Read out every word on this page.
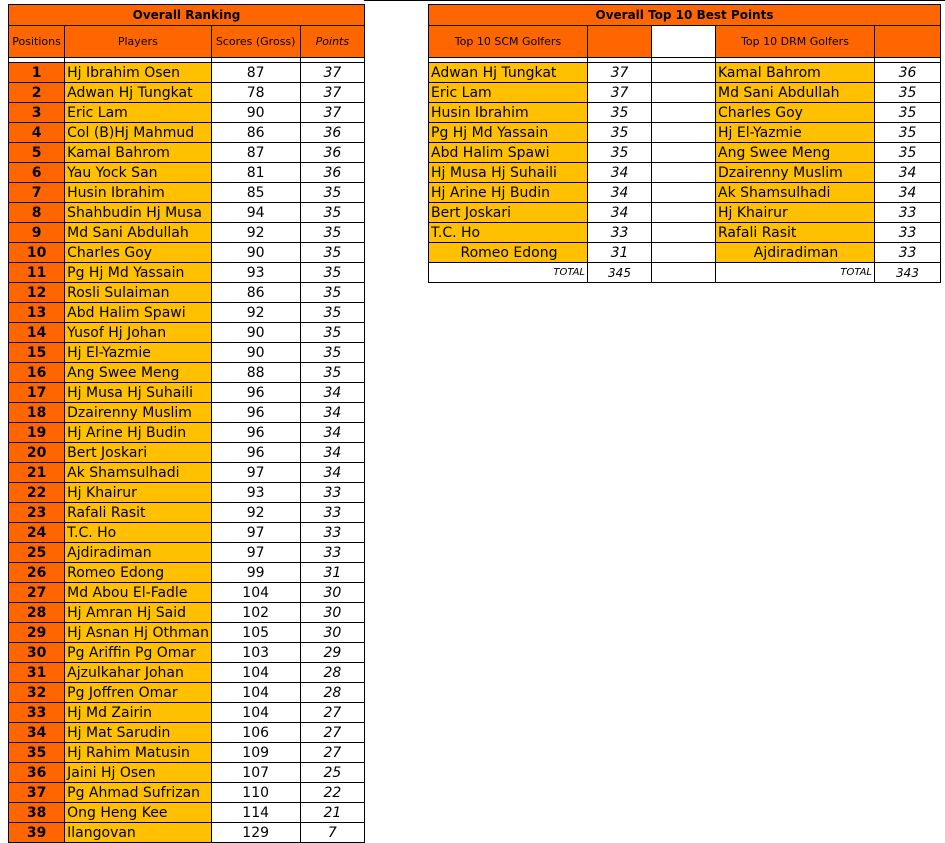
Overall Ranking			
Positions	Players	Scores (Gross)	Points

1	Hj Ibrahim Osen	87	37
2	Adwan Hj Tungkat	78	37
3	Eric Lam	90	37
4	Col (B)Hj Mahmud	86	36
5	Kamal Bahrom	87	36
6	Yau Yock San	81	36
7	Husin Ibrahim	85	35
8	Shahbudin Hj Musa	94	35
9	Md Sani Abdullah	92	35
10	Charles Goy	90	35
11	Pg Hj Md Yassain	93	35
12	Rosli Sulaiman	86	35
13	Abd Halim Spawi	92	35
14	Yusof Hj Johan	90	35
15	Hj El-Yazmie	90	35
16	Ang Swee Meng	88	35
17	Hj Musa Hj Suhaili	96	34
18	Dzairenny Muslim	96	34
19	Hj Arine Hj Budin	96	34
20	Bert Joskari	96	34
21	Ak Shamsulhadi	97	34
22	Hj Khairur	93	33
23	Rafali Rasit	92	33
24	T.C. Ho	97	33
25	Ajdiradiman	97	33
26	Romeo Edong	99	31
27	Md Abou El-Fadle	104	30
28	Hj Amran Hj Said	102	30
29	Hj Asnan Hj Othman	105	30
30	Pg Ariffin Pg Omar	103	29
31	Ajzulkahar Johan	104	28
32	Pg Joffren Omar	104	28
33	Hj Md Zairin	104	27
34	Hj Mat Sarudin	106	27
35	Hj Rahim Matusin	109	27
36	Jaini Hj Osen	107	25
37	Pg Ahmad Sufrizan	110	22
38	Ong Heng Kee	114	21
39	Ilangovan	129	7
Overall Top 10 Best Points				
Top 10 SCM Golfers			Top 10 DRM Golfers	

Adwan Hj Tungkat	37		Kamal Bahrom	36
Eric Lam	37		Md Sani Abdullah	35
Husin Ibrahim	35		Charles Goy	35
Pg Hj Md Yassain	35		Hj El-Yazmie	35
Abd Halim Spawi	35		Ang Swee Meng	35
Hj Musa Hj Suhaili	34		Dzairenny Muslim	34
Hj Arine Hj Budin	34		Ak Shamsulhadi	34
Bert Joskari	34		Hj Khairur	33
T.C. Ho	33		Rafali Rasit	33
Romeo Edong	31		Ajdiradiman	33
TOTAL	345		TOTAL	343
